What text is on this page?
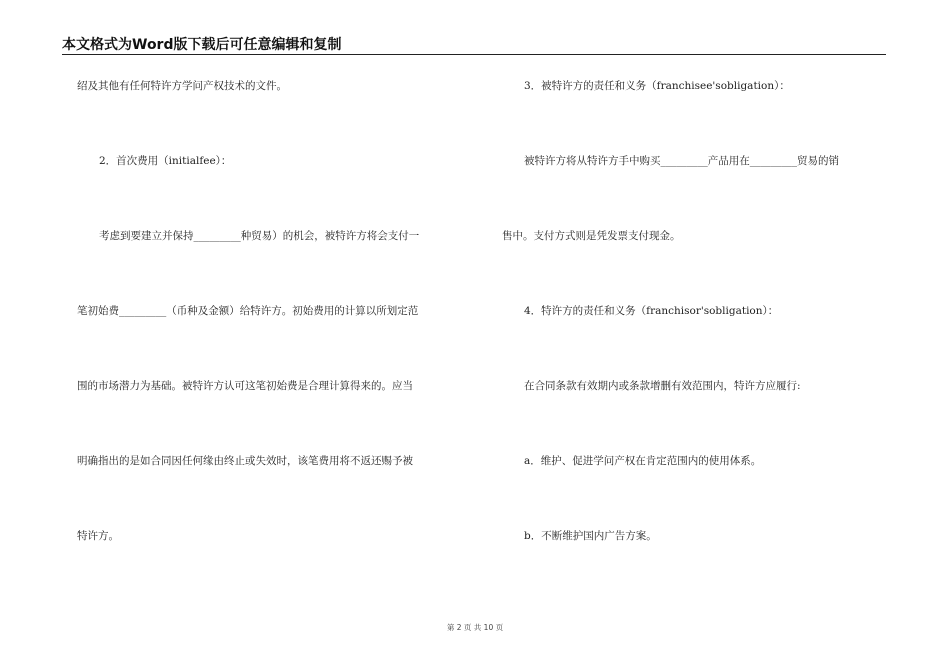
本文格式为Word版下载后可任意编辑和复制
绍及其他有任何特许方学问产权技术的文件。
2．首次费用（initialfee）：
考虑到要建立并保持_________种贸易）的机会，被特许方将会支付一
笔初始费_________（币种及金额）给特许方。初始费用的计算以所划定范
围的市场潜力为基础。被特许方认可这笔初始费是合理计算得来的。应当
明确指出的是如合同因任何缘由终止或失效时，该笔费用将不返还赐予被
特许方。
3．被特许方的责任和义务（franchisee'sobligation）：
被特许方将从特许方手中购买_________产品用在_________贸易的销
售中。支付方式则是凭发票支付现金。
4．特许方的责任和义务（franchisor'sobligation）：
在合同条款有效期内或条款增删有效范围内，特许方应履行:
a．维护、促进学问产权在肯定范围内的使用体系。
b．不断维护国内广告方案。
第 2 页 共 10 页
